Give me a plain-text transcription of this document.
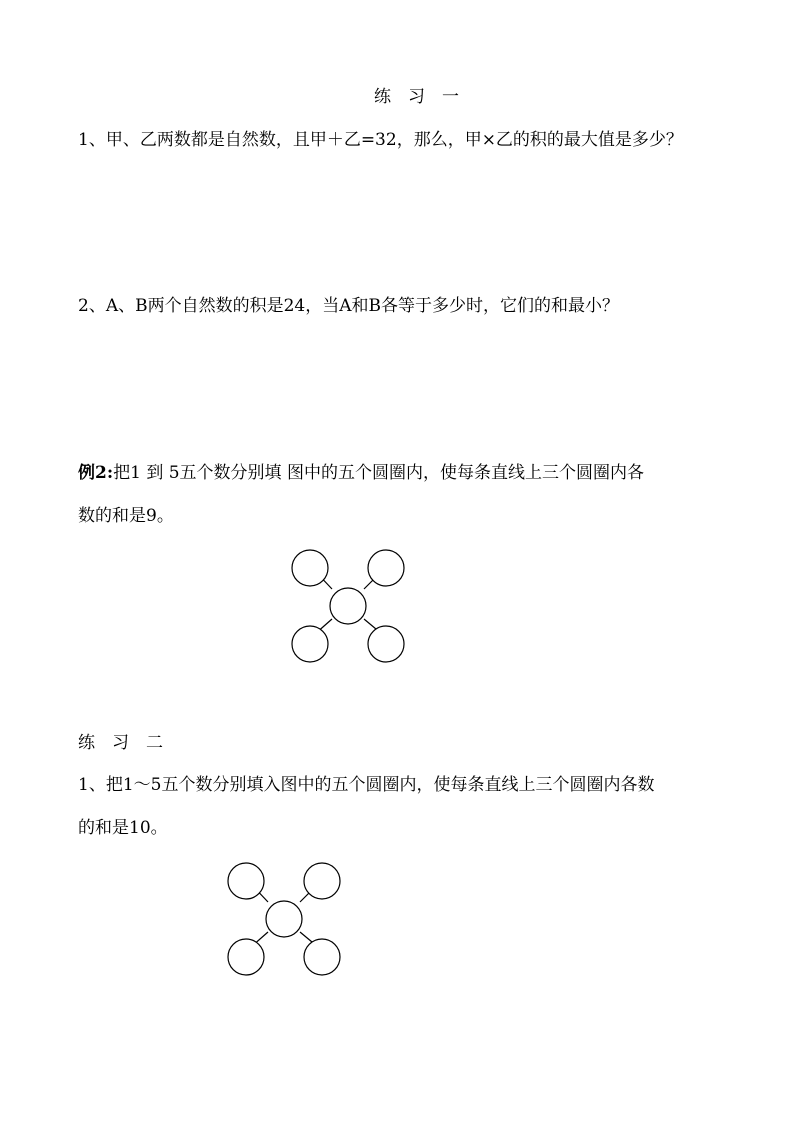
练　习　一
1、甲、乙两数都是自然数，且甲＋乙=32，那么，甲×乙的积的最大值是多少？
2、A、B两个自然数的积是24，当A和B各等于多少时，它们的和最小？
例2:把1 到 5五个数分别填 图中的五个圆圈内，使每条直线上三个圆圈内各
数的和是9。
练　习　二
1、把1～5五个数分别填入图中的五个圆圈内，使每条直线上三个圆圈内各数
的和是10。
